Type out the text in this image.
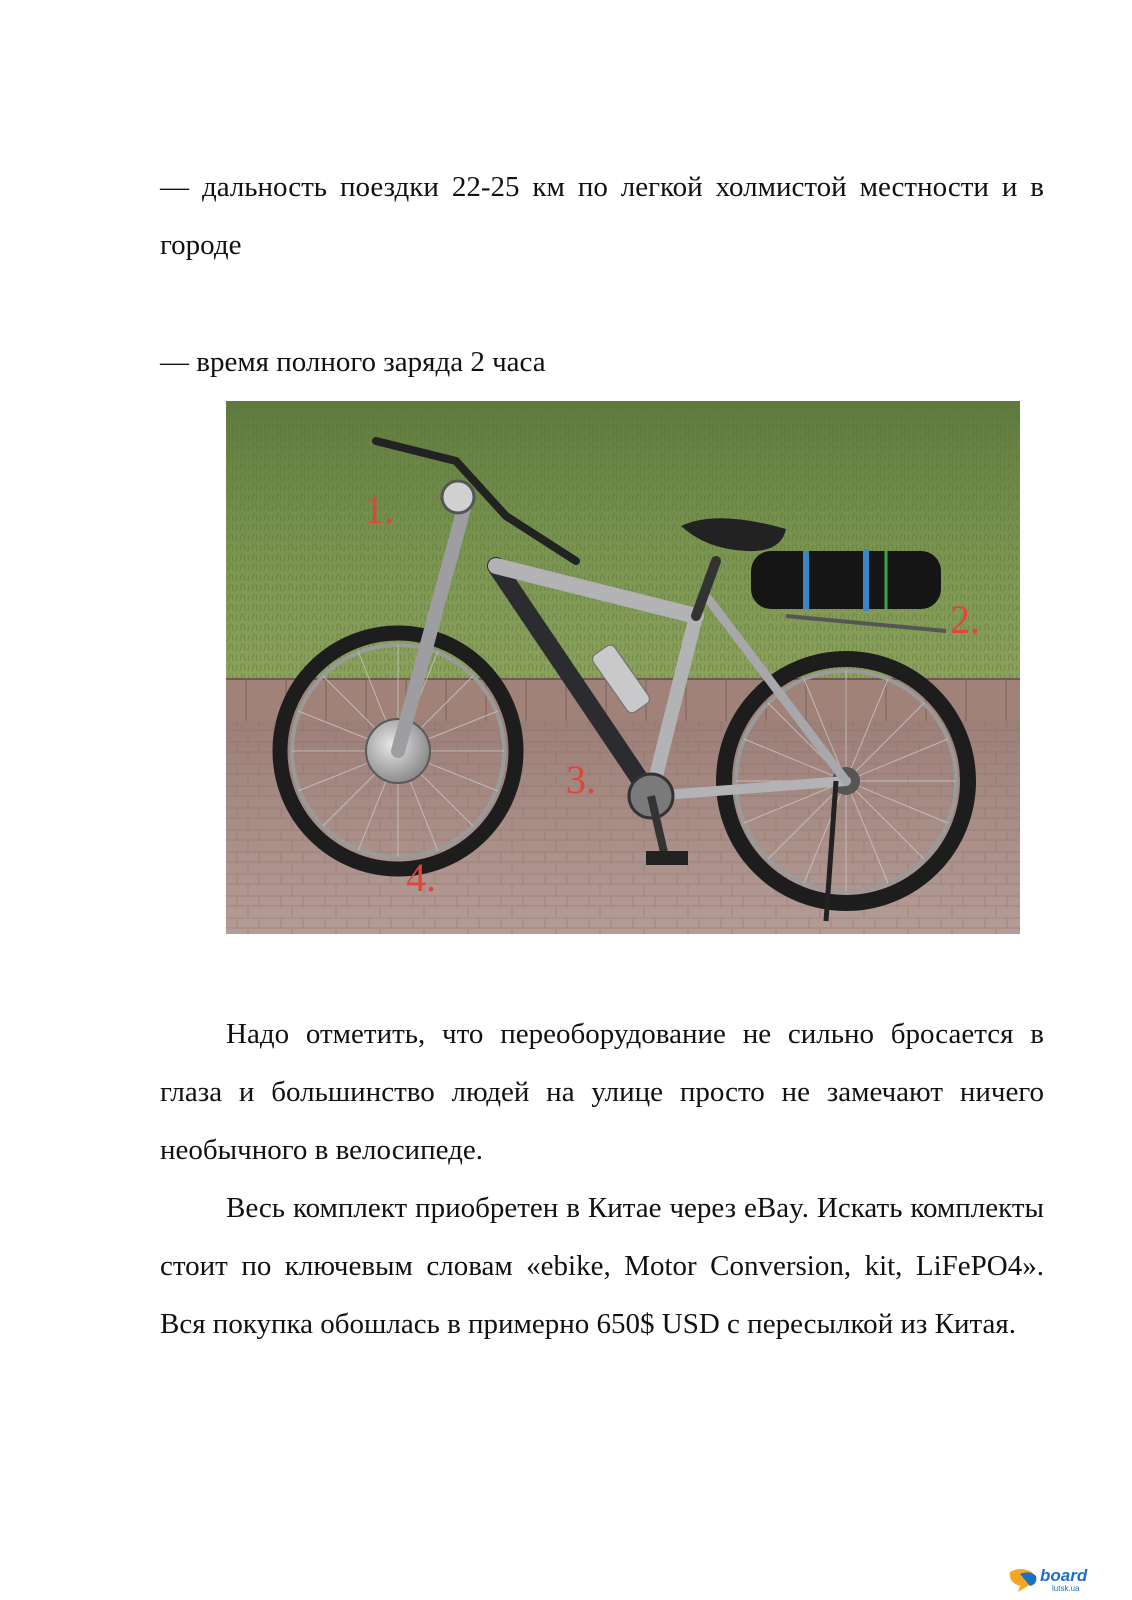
— дальность поездки 22-25 км по легкой холмистой местности и в городе

— время полного заряда 2 часа

1.
2.
3.
4.

Надо отметить, что переоборудование не сильно бросается в глаза и большинство людей на улице просто не замечают ничего необычного в велосипеде.

Весь комплект приобретен в Китае через eBay. Искать комплекты стоит по ключевым словам «ebike, Motor Conversion, kit, LiFePO4». Вся покупка обошлась в примерно 650$ USD с пересылкой из Китая.

board
lutsk.ua
